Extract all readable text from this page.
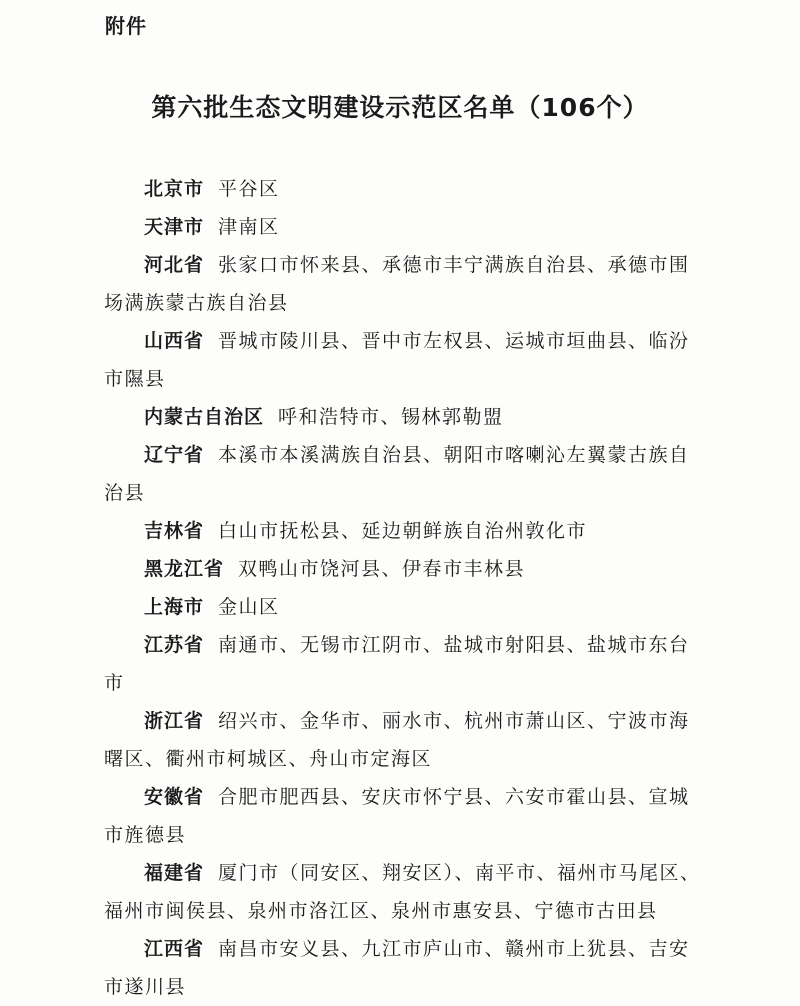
附件
第六批生态文明建设示范区名单（106个）

北京市 平谷区

天津市 津南区

河北省 张家口市怀来县、承德市丰宁满族自治县、承德市围场满族蒙古族自治县

山西省 晋城市陵川县、晋中市左权县、运城市垣曲县、临汾市隰县

内蒙古自治区 呼和浩特市、锡林郭勒盟

辽宁省 本溪市本溪满族自治县、朝阳市喀喇沁左翼蒙古族自治县

吉林省 白山市抚松县、延边朝鲜族自治州敦化市

黑龙江省 双鸭山市饶河县、伊春市丰林县

上海市 金山区

江苏省 南通市、无锡市江阴市、盐城市射阳县、盐城市东台市

浙江省 绍兴市、金华市、丽水市、杭州市萧山区、宁波市海曙区、衢州市柯城区、舟山市定海区

安徽省 合肥市肥西县、安庆市怀宁县、六安市霍山县、宣城市旌德县

福建省 厦门市（同安区、翔安区）、南平市、福州市马尾区、福州市闽侯县、泉州市洛江区、泉州市惠安县、宁德市古田县

江西省 南昌市安义县、九江市庐山市、赣州市上犹县、吉安市遂川县
